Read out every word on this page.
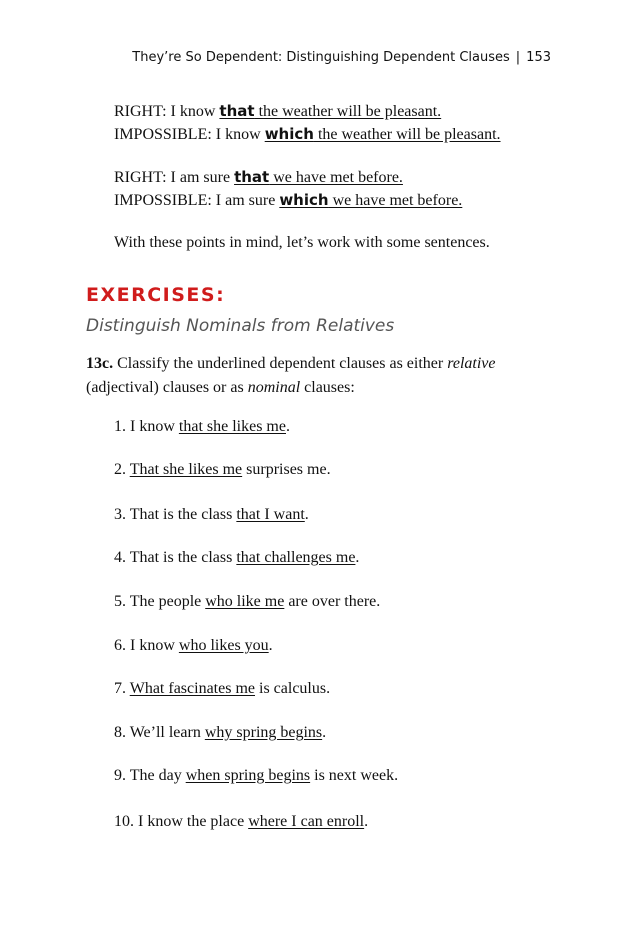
They’re So Dependent: Distinguishing Dependent Clauses | 153
RIGHT: I know that the weather will be pleasant.
IMPOSSIBLE: I know which the weather will be pleasant.
RIGHT: I am sure that we have met before.
IMPOSSIBLE: I am sure which we have met before.
With these points in mind, let’s work with some sentences.
EXERCISES:
Distinguish Nominals from Relatives
13c. Classify the underlined dependent clauses as either relative (adjectival) clauses or as nominal clauses:
1. I know that she likes me.
2. That she likes me surprises me.
3. That is the class that I want.
4. That is the class that challenges me.
5. The people who like me are over there.
6. I know who likes you.
7. What fascinates me is calculus.
8. We’ll learn why spring begins.
9. The day when spring begins is next week.
10. I know the place where I can enroll.
